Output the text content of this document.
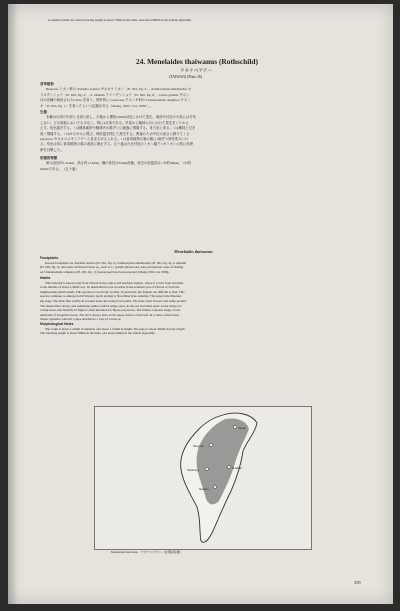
as Anthos Island, the adult forewing length is about 75mm in the male, and about 88mm in the female (Igarashi)
24. Menelaides thaiwanus (Rothschild)
ワタナベアゲハ
(TAIWAN) [Plate 26]
食草植物
Rutaceae ミカン科の Toddalia asiatica サルカケミカン〔Pl. 601, fig. 2〕, Zanthoxylum ailanthoides カ
ラスザンショウ〔Pl. 602, fig. 4〕, Z. nitidum テリハザンショウ〔Pl. 602, fig. 6〕, Citrus grandis ザボン
ほか各種の栽培されたCitrus を食う。例外的に Lauraceae クスノキ科の Cinnamomum camphora クスノ
キ〔Pl. 605, fig. 1〕を食ったという記録がある（Zhang, 1963 ; Cai, 1986）。
生態
本種は台湾の中部と北部に産し，平地から標高2500m付近にかけて発生。南部や付近の小島には分布
しない。どの産地においても少なく，特に4月頃である。早春から晩秋11月にかけて発生をくりかえ
えす。幼虫越冬する。♀は樹林地帯や樹林内の路ぞいに緩速に飛翔する。また花に来る。♂は樹林上空を
高く飛翔する。♂はゆるやかに飛び，時折翅を閉じて滑空する。吸蜜のため中位の高さに降りてくる
polyuctes やオオベニモンアゲハと見まちがえられる。♀は食草植物の葉の裏に1個ずつ卵を産みつけ
る。幼虫は常に食草植物の葉の表面に静止する。五十嵐は台北付近のミカン園で♀がミカンの枝に産卵
卵を目撃した。
形態的特徴
卵は直径約1.41mm，高さ約1.12mm。蛹の体長は32mm前後。成虫の前翅長は♂が約58mm，♀が約
62mmである。（五十嵐）
Menelaides thaiwanus
Foodplants
Known foodplants are Toddalia asiatica [Pl. 601, fig. 2], Zanthoxylum ailanthoides [Pl. 602, fig. 4], Z. nitidum
[Pl. 602, fig. 6], and some cultivated Citrus sp., such as C. grandis (Rutaceae). Also exceptional cases of feeding
on Cinnamomum camphora [Pl. 605, fig. 1] (Lauraceae) have been reported (Zhang 1963, Cai 1986).
Habits
This butterfly is known only from Taiwan in the central and northern regions, where it occurs from lowlands
to the altitude of about 2,500m a.s.l. Its distribution is not recorded in the southern part of Taiwan or from the
neighbouring small islands. This species is rare in any locality. In particular, the females are difficult to find. This
species continues to emerge from February (early spring) to November (late autumn). The pupa is the hibernat-
ing stage. The male flies swiftly in wooded areas and along forest paths. The male visits flowers and damp ground.
The female flies slowly, and sometimes glides with its wings open. As the red and white spots on the wings are
conspicuous, this butterfly in flight is often mistaken for Byasa polyeuctes. The female oviposits singly on the
underside of foodplant leaves. The larva always rests on the upper surface of the leaf. In a citrus orchard near
Taipei, Igarashi collected a pupa attached to a twig of Citrus sp.
Morphological Notes
The ovum is about 1.41mm in diameter and about 1.12mm in height. The pupa is about 32mm in body length.
The forewing length is about 58mm in the male, and about 62mm in the female (Igarashi).
Taipei
Taoyuan
Taichung	Hualien
Nantou
Menelaides thaiwanus　ワタナベアゲハ（台湾固有種）
359
